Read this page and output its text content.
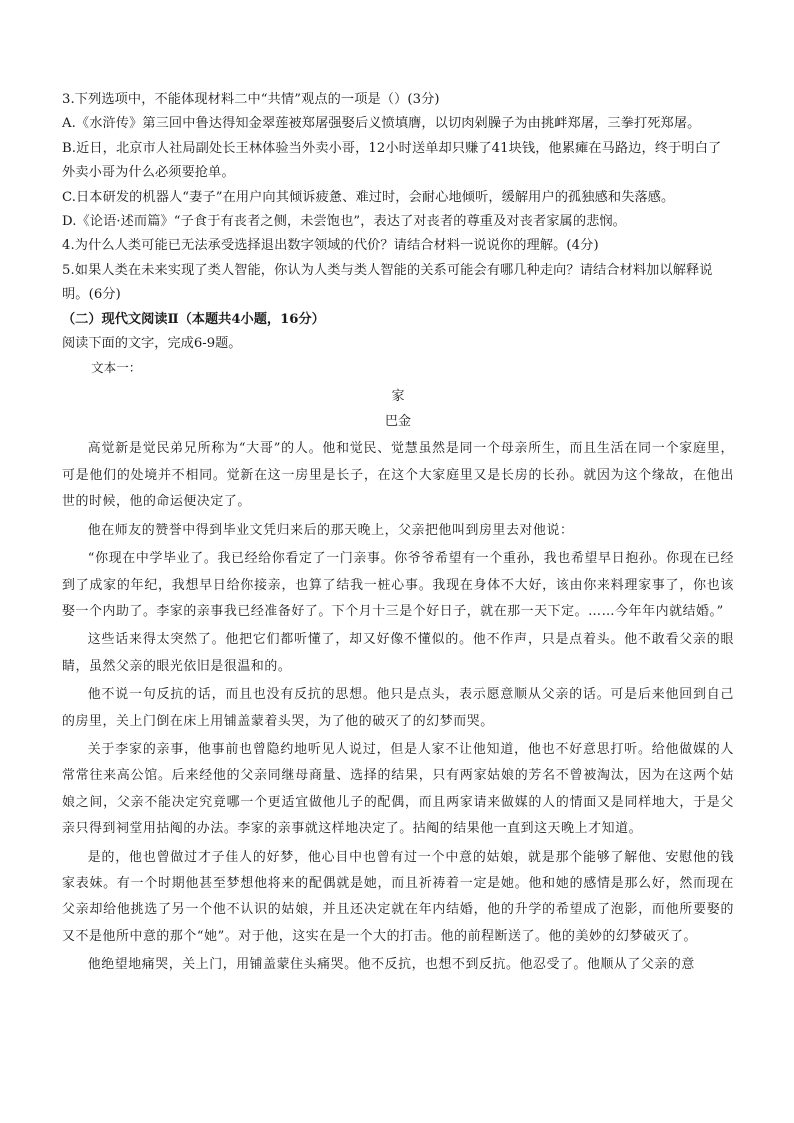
3.下列选项中，不能体现材料二中“共情”观点的一项是（）(3分)

A.《水浒传》第三回中鲁达得知金翠莲被郑屠强娶后义愤填膺，以切肉剁臊子为由挑衅郑屠，三拳打死郑屠。

B.近日，北京市人社局副处长王林体验当外卖小哥，12小时送单却只赚了41块钱，他累瘫在马路边，终于明白了外卖小哥为什么必须要抢单。

C.日本研发的机器人“妻子”在用户向其倾诉疲惫、难过时，会耐心地倾听，缓解用户的孤独感和失落感。

D.《论语·述而篇》“子食于有丧者之侧，未尝饱也”，表达了对丧者的尊重及对丧者家属的悲悯。

4.为什么人类可能已无法承受选择退出数字领域的代价？请结合材料一说说你的理解。(4分)

5.如果人类在未来实现了类人智能，你认为人类与类人智能的关系可能会有哪几种走向？请结合材料加以解释说明。(6分)

（二）现代文阅读Ⅱ（本题共4小题，16分）

阅读下面的文字，完成6-9题。

文本一：

家

巴金

高觉新是觉民弟兄所称为“大哥”的人。他和觉民、觉慧虽然是同一个母亲所生，而且生活在同一个家庭里，可是他们的处境并不相同。觉新在这一房里是长子，在这个大家庭里又是长房的长孙。就因为这个缘故，在他出世的时候，他的命运便决定了。

他在师友的赞誉中得到毕业文凭归来后的那天晚上，父亲把他叫到房里去对他说：

“你现在中学毕业了。我已经给你看定了一门亲事。你爷爷希望有一个重孙，我也希望早日抱孙。你现在已经到了成家的年纪，我想早日给你接亲，也算了结我一桩心事。我现在身体不大好，该由你来料理家事了，你也该娶一个内助了。李家的亲事我已经准备好了。下个月十三是个好日子，就在那一天下定。……今年年内就结婚。”

这些话来得太突然了。他把它们都听懂了，却又好像不懂似的。他不作声，只是点着头。他不敢看父亲的眼睛，虽然父亲的眼光依旧是很温和的。

他不说一句反抗的话，而且也没有反抗的思想。他只是点头，表示愿意顺从父亲的话。可是后来他回到自己的房里，关上门倒在床上用铺盖蒙着头哭，为了他的破灭了的幻梦而哭。

关于李家的亲事，他事前也曾隐约地听见人说过，但是人家不让他知道，他也不好意思打听。给他做媒的人常常往来高公馆。后来经他的父亲同继母商量、选择的结果，只有两家姑娘的芳名不曾被淘汰，因为在这两个姑娘之间，父亲不能决定究竟哪一个更适宜做他儿子的配偶，而且两家请来做媒的人的情面又是同样地大，于是父亲只得到祠堂用拈阄的办法。李家的亲事就这样地决定了。拈阄的结果他一直到这天晚上才知道。

是的，他也曾做过才子佳人的好梦，他心目中也曾有过一个中意的姑娘，就是那个能够了解他、安慰他的钱家表妹。有一个时期他甚至梦想他将来的配偶就是她，而且祈祷着一定是她。他和她的感情是那么好，然而现在父亲却给他挑选了另一个他不认识的姑娘，并且还决定就在年内结婚，他的升学的希望成了泡影，而他所要娶的又不是他所中意的那个“她”。对于他，这实在是一个大的打击。他的前程断送了。他的美妙的幻梦破灭了。

他绝望地痛哭，关上门，用铺盖蒙住头痛哭。他不反抗，也想不到反抗。他忍受了。他顺从了父亲的意
